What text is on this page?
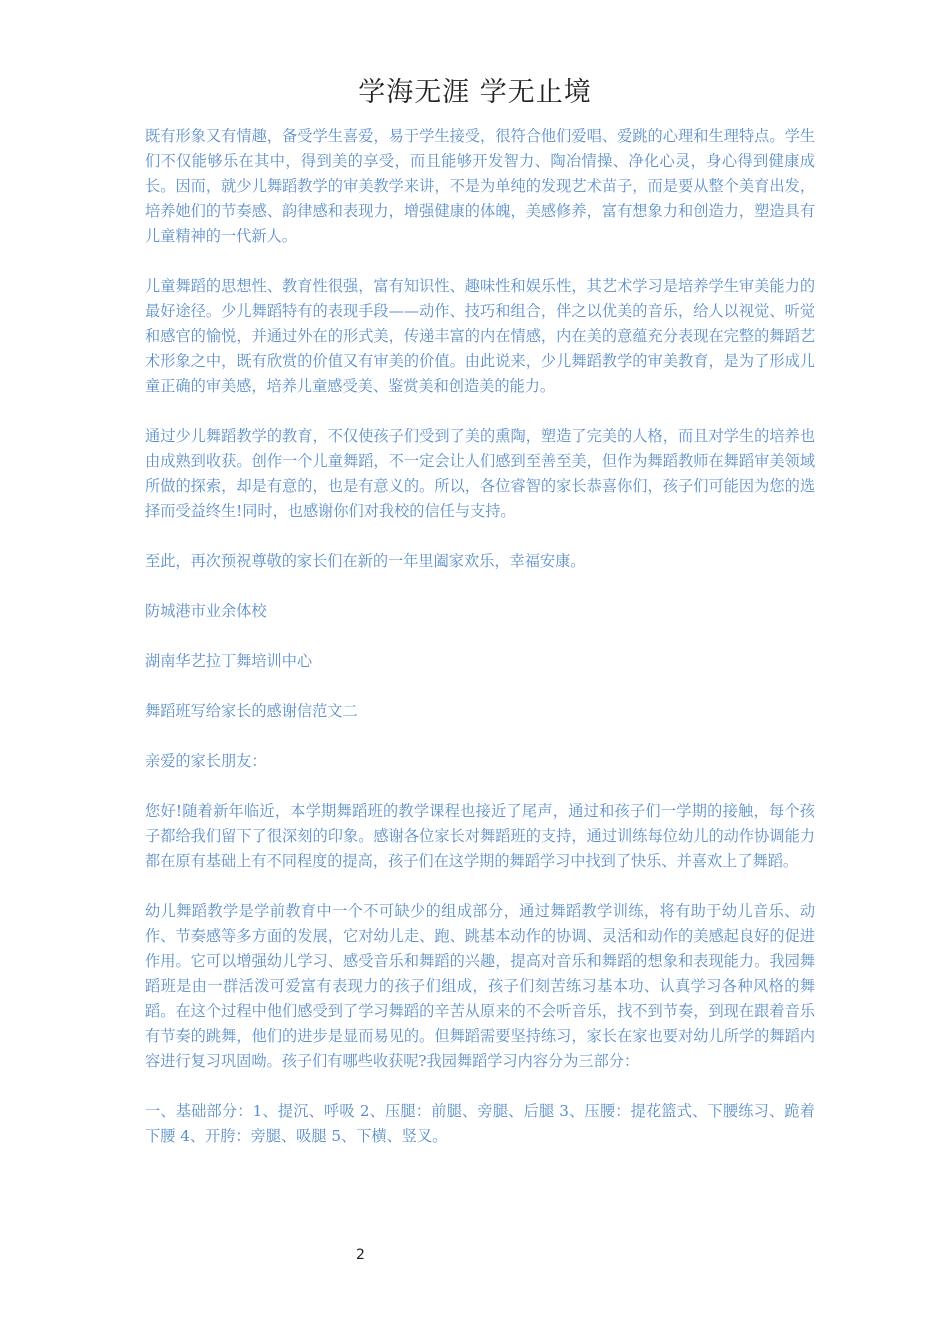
学海无涯 学无止境

既有形象又有情趣，备受学生喜爱，易于学生接受，很符合他们爱唱、爱跳的心理和生理特点。学生们不仅能够乐在其中，得到美的享受，而且能够开发智力、陶冶情操、净化心灵，身心得到健康成长。因而，就少儿舞蹈教学的审美教学来讲，不是为单纯的发现艺术苗子，而是要从整个美育出发，培养她们的节奏感、韵律感和表现力，增强健康的体魄，美感修养，富有想象力和创造力，塑造具有儿童精神的一代新人。

儿童舞蹈的思想性、教育性很强，富有知识性、趣味性和娱乐性，其艺术学习是培养学生审美能力的最好途径。少儿舞蹈特有的表现手段——动作、技巧和组合，伴之以优美的音乐，给人以视觉、听觉和感官的愉悦，并通过外在的形式美，传递丰富的内在情感，内在美的意蕴充分表现在完整的舞蹈艺术形象之中，既有欣赏的价值又有审美的价值。由此说来，少儿舞蹈教学的审美教育，是为了形成儿童正确的审美感，培养儿童感受美、鉴赏美和创造美的能力。

通过少儿舞蹈教学的教育，不仅使孩子们受到了美的熏陶，塑造了完美的人格，而且对学生的培养也由成熟到收获。创作一个儿童舞蹈，不一定会让人们感到至善至美，但作为舞蹈教师在舞蹈审美领域所做的探索，却是有意的，也是有意义的。所以，各位睿智的家长恭喜你们，孩子们可能因为您的选择而受益终生!同时，也感谢你们对我校的信任与支持。

至此，再次预祝尊敬的家长们在新的一年里阖家欢乐，幸福安康。

防城港市业余体校

湖南华艺拉丁舞培训中心

舞蹈班写给家长的感谢信范文二

亲爱的家长朋友：

您好!随着新年临近，本学期舞蹈班的教学课程也接近了尾声，通过和孩子们一学期的接触，每个孩子都给我们留下了很深刻的印象。感谢各位家长对舞蹈班的支持，通过训练每位幼儿的动作协调能力都在原有基础上有不同程度的提高，孩子们在这学期的舞蹈学习中找到了快乐、并喜欢上了舞蹈。

幼儿舞蹈教学是学前教育中一个不可缺少的组成部分，通过舞蹈教学训练，将有助于幼儿音乐、动作、节奏感等多方面的发展，它对幼儿走、跑、跳基本动作的协调、灵活和动作的美感起良好的促进作用。它可以增强幼儿学习、感受音乐和舞蹈的兴趣，提高对音乐和舞蹈的想象和表现能力。我园舞蹈班是由一群活泼可爱富有表现力的孩子们组成，孩子们刻苦练习基本功、认真学习各种风格的舞蹈。在这个过程中他们感受到了学习舞蹈的辛苦从原来的不会听音乐，找不到节奏，到现在跟着音乐有节奏的跳舞，他们的进步是显而易见的。但舞蹈需要坚持练习，家长在家也要对幼儿所学的舞蹈内容进行复习巩固呦。孩子们有哪些收获呢?我园舞蹈学习内容分为三部分：

一、基础部分：1、提沉、呼吸 2、压腿：前腿、旁腿、后腿 3、压腰：提花篮式、下腰练习、跪着下腰 4、开胯：旁腿、吸腿 5、下横、竖叉。

2
